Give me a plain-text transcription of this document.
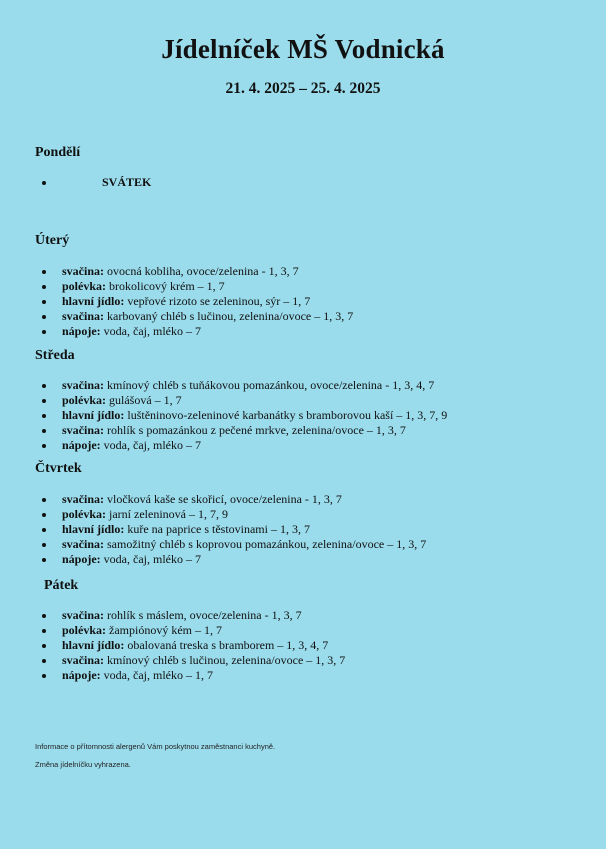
Jídelníček MŠ Vodnická
21. 4. 2025 – 25. 4. 2025
Pondělí
SVÁTEK
Úterý
svačina: ovocná kobliha, ovoce/zelenina - 1, 3, 7
polévka: brokolicový krém – 1, 7
hlavní jídlo: vepřové rizoto se zeleninou, sýr – 1, 7
svačina: karbovaný chléb s lučinou, zelenina/ovoce – 1, 3, 7
nápoje: voda, čaj, mléko – 7
Středa
svačina: kmínový chléb s tuňákovou pomazánkou, ovoce/zelenina - 1, 3, 4, 7
polévka: gulášová – 1, 7
hlavní jídlo: luštěninovo-zeleninové karbanátky s bramborovou kaší – 1, 3, 7, 9
svačina: rohlík s pomazánkou z pečené mrkve, zelenina/ovoce – 1, 3, 7
nápoje: voda, čaj, mléko – 7
Čtvrtek
svačina: vločková kaše se skořicí, ovoce/zelenina - 1, 3, 7
polévka: jarní zeleninová – 1, 7, 9
hlavní jídlo: kuře na paprice s těstovinami – 1, 3, 7
svačina: samožitný chléb s koprovou pomazánkou, zelenina/ovoce – 1, 3, 7
nápoje: voda, čaj, mléko – 7
Pátek
svačina: rohlík s máslem, ovoce/zelenina - 1, 3, 7
polévka: žampiónový kém – 1, 7
hlavní jídlo: obalovaná treska s bramborem – 1, 3, 4, 7
svačina: kmínový chléb s lučinou, zelenina/ovoce – 1, 3, 7
nápoje: voda, čaj, mléko – 1, 7
Informace o přítomnosti alergenů Vám poskytnou zaměstnanci kuchyně.
Změna jídelníčku vyhrazena.
